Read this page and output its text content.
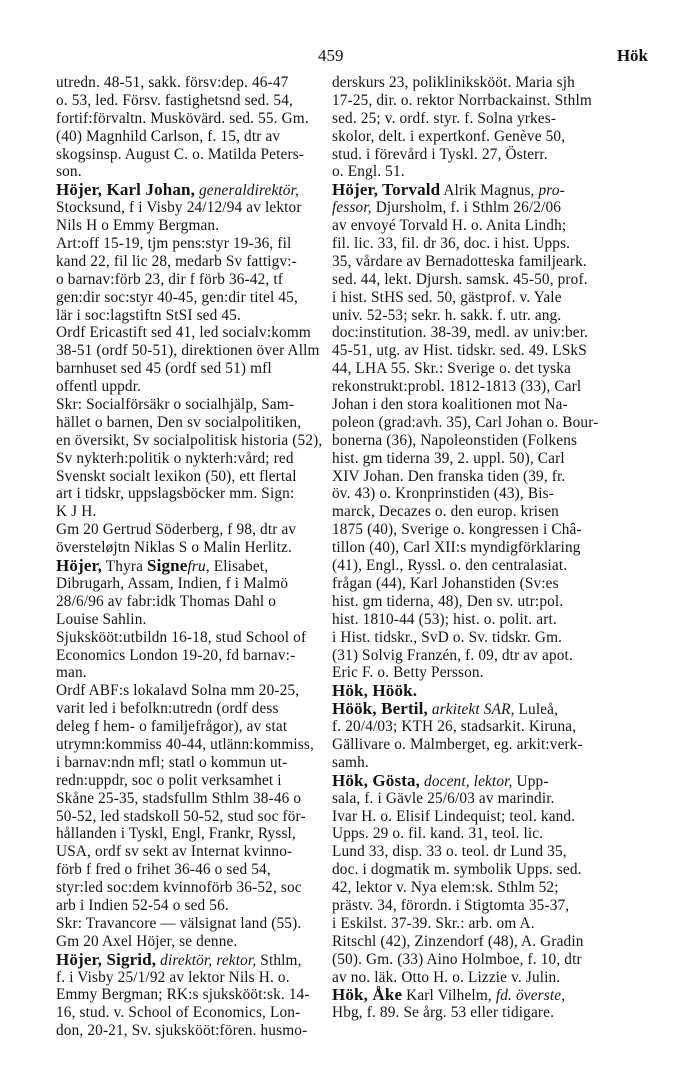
459	Hök
utredn. 48-51, sakk. försv:dep. 46-47
o. 53, led. Försv. fastighetsnd sed. 54,
fortif:förvaltn. Muskövärd. sed. 55. Gm.
(40) Magnhild Carlson, f. 15, dtr av
skogsinsp. August C. o. Matilda Peters-
son.
Höjer, Karl Johan, generaldirektör,
Stocksund, f i Visby 24/12/94 av lektor
Nils H o Emmy Bergman.
Art:off 15-19, tjm pens:styr 19-36, fil
kand 22, fil lic 28, medarb Sv fattigv:-
o barnav:förb 23, dir f förb 36-42, tf
gen:dir soc:styr 40-45, gen:dir titel 45,
lär i soc:lagstiftn StSI sed 45.
Ordf Ericastift sed 41, led socialv:komm
38-51 (ordf 50-51), direktionen över Allm
barnhuset sed 45 (ordf sed 51) mfl
offentl uppdr.
Skr: Socialförsäkr o socialhjälp, Sam-
hället o barnen, Den sv socialpolitiken,
en översikt, Sv socialpolitisk historia (52),
Sv nykterh:politik o nykterh:vård; red
Svenskt socialt lexikon (50), ett flertal
art i tidskr, uppslagsböcker mm. Sign:
K J H.
Gm 20 Gertrud Söderberg, f 98, dtr av
översteløjtn Niklas S o Malin Herlitz.
Höjer, Thyra Signefru, Elisabet,
Dibrugarh, Assam, Indien, f i Malmö
28/6/96 av fabr:idk Thomas Dahl o
Louise Sahlin.
Sjukskööt:utbildn 16-18, stud School of
Economics London 19-20, fd barnav:-
man.
Ordf ABF:s lokalavd Solna mm 20-25,
varit led i befolkn:utredn (ordf dess
deleg f hem- o familjefrågor), av stat
utrymn:kommiss 40-44, utlänn:kommiss,
i barnav:ndn mfl; statl o kommun ut-
redn:uppdr, soc o polit verksamhet i
Skåne 25-35, stadsfullm Sthlm 38-46 o
50-52, led stadskoll 50-52, stud soc för-
hållanden i Tyskl, Engl, Frankr, Ryssl,
USA, ordf sv sekt av Internat kvinno-
förb f fred o frihet 36-46 o sed 54,
styr:led soc:dem kvinnoförb 36-52, soc
arb i Indien 52-54 o sed 56.
Skr: Travancore — välsignat land (55).
Gm 20 Axel Höjer, se denne.
Höjer, Sigrid, direktör, rektor, Sthlm,
f. i Visby 25/1/92 av lektor Nils H. o.
Emmy Bergman; RK:s sjukskööt:sk. 14-
16, stud. v. School of Economics, Lon-
don, 20-21, Sv. sjukskööt:fören. husmo-
derskurs 23, poliklinikskööt. Maria sjh
17-25, dir. o. rektor Norrbackainst. Sthlm
sed. 25; v. ordf. styr. f. Solna yrkes-
skolor, delt. i expertkonf. Genève 50,
stud. i förevård i Tyskl. 27, Österr.
o. Engl. 51.
Höjer, Torvald Alrik Magnus, pro-
fessor, Djursholm, f. i Sthlm 26/2/06
av envoyé Torvald H. o. Anita Lindh;
fil. lic. 33, fil. dr 36, doc. i hist. Upps.
35, vårdare av Bernadotteska familjeark.
sed. 44, lekt. Djursh. samsk. 45-50, prof.
i hist. StHS sed. 50, gästprof. v. Yale
univ. 52-53; sekr. h. sakk. f. utr. ang.
doc:institution. 38-39, medl. av univ:ber.
45-51, utg. av Hist. tidskr. sed. 49. LSkS
44, LHA 55. Skr.: Sverige o. det tyska
rekonstrukt:probl. 1812-1813 (33), Carl
Johan i den stora koalitionen mot Na-
poleon (grad:avh. 35), Carl Johan o. Bour-
bonerna (36), Napoleonstiden (Folkens
hist. gm tiderna 39, 2. uppl. 50), Carl
XIV Johan. Den franska tiden (39, fr.
öv. 43) o. Kronprinstiden (43), Bis-
marck, Decazes o. den europ. krisen
1875 (40), Sverige o. kongressen i Châ-
tillon (40), Carl XII:s myndigförklaring
(41), Engl., Ryssl. o. den centralasiat.
frågan (44), Karl Johanstiden (Sv:es
hist. gm tiderna, 48), Den sv. utr:pol.
hist. 1810-44 (53); hist. o. polit. art.
i Hist. tidskr., SvD o. Sv. tidskr. Gm.
(31) Solvig Franzén, f. 09, dtr av apot.
Eric F. o. Betty Persson.
Hök, Höök.
Höök, Bertil, arkitekt SAR, Luleå,
f. 20/4/03; KTH 26, stadsarkit. Kiruna,
Gällivare o. Malmberget, eg. arkit:verk-
samh.
Hök, Gösta, docent, lektor, Upp-
sala, f. i Gävle 25/6/03 av marindir.
Ivar H. o. Elisif Lindequist; teol. kand.
Upps. 29 o. fil. kand. 31, teol. lic.
Lund 33, disp. 33 o. teol. dr Lund 35,
doc. i dogmatik m. symbolik Upps. sed.
42, lektor v. Nya elem:sk. Sthlm 52;
prästv. 34, förordn. i Stigtomta 35-37,
i Eskilst. 37-39. Skr.: arb. om A.
Ritschl (42), Zinzendorf (48), A. Gradin
(50). Gm. (33) Aino Holmboe, f. 10, dtr
av no. läk. Otto H. o. Lizzie v. Julin.
Hök, Åke Karl Vilhelm, fd. överste,
Hbg, f. 89. Se årg. 53 eller tidigare.
